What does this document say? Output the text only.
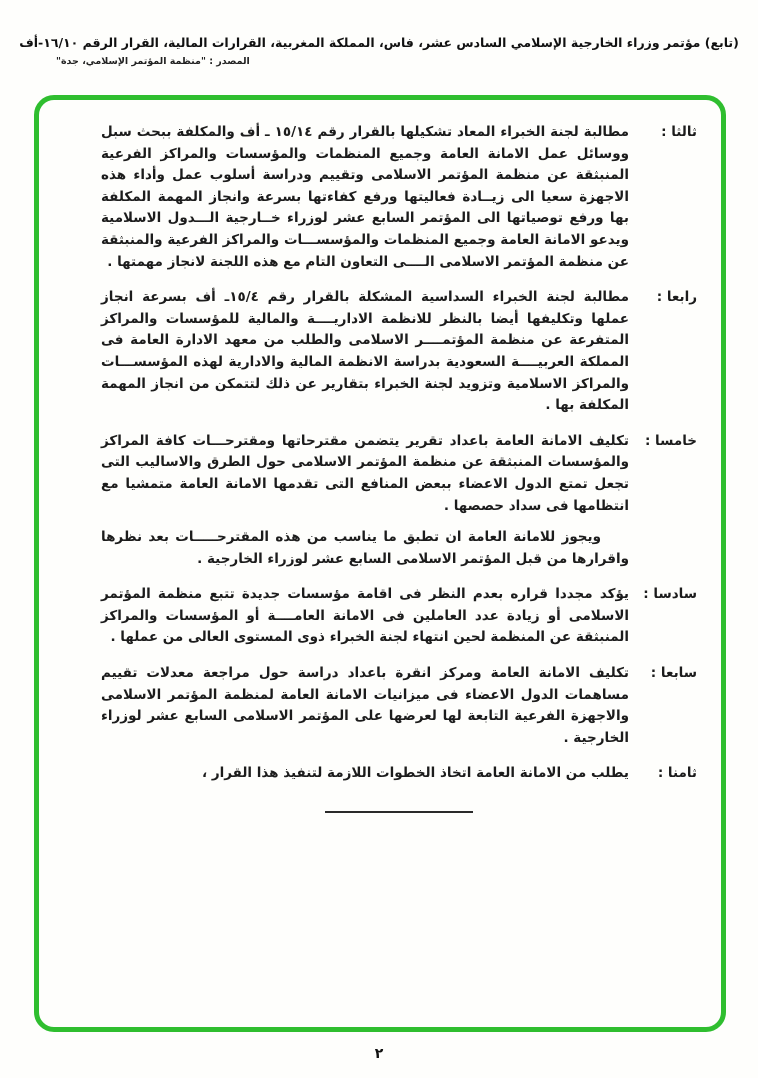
(تابع) مؤتمر وزراء الخارجية الإسلامي السادس عشر، فاس، المملكة المغربية، القرارات المالية، القرار الرقم ١٦/١٠-أف
المصدر : "منظمة المؤتمر الإسلامي، جدة"
ثالثا :

مطالبة لجنة الخبراء المعاد تشكيلها بالقرار رقم ١٥/١٤ ـ أف والمكلفة ببحث سبل ووسائل عمل الامانة العامة وجميع المنظمات والمؤسسات والمراكز الفرعية المنبثقة عن منظمة المؤتمر الاسلامى وتقييم ودراسة أسلوب عمل وأداء هذه الاجهزة سعيا الى زيــادة فعاليتها ورفع كفاءتها بسرعة وانجاز المهمة المكلفة بها ورفع توصياتها الى المؤتمر السابع عشر لوزراء خــارجية الـــدول الاسلامية ويدعو الامانة العامة وجميع المنظمات والمؤسســـات والمراكز الفرعية والمنبثقة عن منظمة المؤتمر الاسلامى الــــى التعاون التام مع هذه اللجنة لانجاز مهمتها .

رابعا :

مطالبة لجنة الخبراء السداسية المشكلة بالقرار رقم ١٥/٤ـ أف بسرعة انجاز عملها وتكليفها أيضا بالنظر للانظمة الاداريــــة والمالية للمؤسسات والمراكز المتفرعة عن منظمة المؤتمــــر الاسلامى والطلب من معهد الادارة العامة فى المملكة العربيــــة السعودية بدراسة الانظمة المالية والادارية لهذه المؤسســـات والمراكز الاسلامية وتزويد لجنة الخبراء بتقارير عن ذلك لتتمكن من انجاز المهمة المكلفة بها .

خامسا :

تكليف الامانة العامة باعداد تقرير يتضمن مقترحاتها ومقترحـــات كافة المراكز والمؤسسات المنبثقة عن منظمة المؤتمر الاسلامى حول الطرق والاساليب التى تجعل تمتع الدول الاعضاء ببعض المنافع التى تقدمها الامانة العامة متمشيا مع انتظامها فى سداد حصصها .

ويجوز للامانة العامة ان تطبق ما يناسب من هذه المقترحـــــات بعد نظرها واقرارها من قبل المؤتمر الاسلامى السابع عشر لوزراء الخارجية .

سادسا :

يؤكد مجددا قراره بعدم النظر فى اقامة مؤسسات جديدة تتبع منظمة المؤتمر الاسلامى أو زيادة عدد العاملين فى الامانة العامــــة أو المؤسسات والمراكز المنبثقة عن المنظمة لحين انتهاء لجنة الخبراء ذوى المستوى العالى من عملها .

سابعا :

تكليف الامانة العامة ومركز انقرة باعداد دراسة حول مراجعة معدلات تقييم مساهمات الدول الاعضاء فى ميزانيات الامانة العامة لمنظمة المؤتمر الاسلامى والاجهزة الفرعية التابعة لها لعرضها على المؤتمر الاسلامى السابع عشر لوزراء الخارجية .

ثامنا :

يطلب من الامانة العامة اتخاذ الخطوات اللازمة لتنفيذ هذا القرار ،

٢
